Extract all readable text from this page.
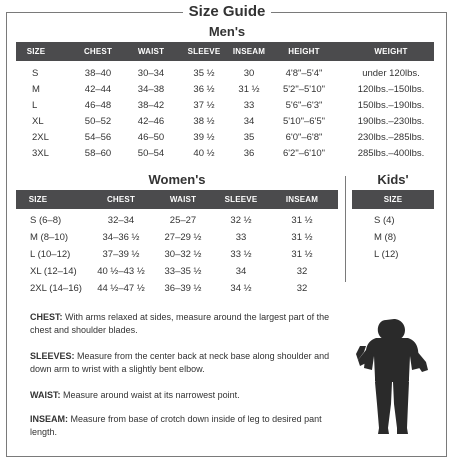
Size Guide
Men's
SIZE	CHEST	WAIST	SLEEVE	INSEAM	HEIGHT	WEIGHT
S	38–40	30–34	35 ½	30	4'8"–5'4"	under 120lbs.
M	42–44	34–38	36 ½	31 ½	5'2"–5'10"	120lbs.–150lbs.
L	46–48	38–42	37 ½	33	5'6"–6'3"	150lbs.–190lbs.
XL	50–52	42–46	38 ½	34	5'10"–6'5"	190lbs.–230lbs.
2XL	54–56	46–50	39 ½	35	6'0"–6'8"	230lbs.–285lbs.
3XL	58–60	50–54	40 ½	36	6'2"–6'10"	285lbs.–400lbs.
Women's
SIZE	CHEST	WAIST	SLEEVE	INSEAM
S (6–8)	32–34	25–27	32 ½	31 ½
M (8–10)	34–36 ½	27–29 ½	33	31 ½
L (10–12)	37–39 ½	30–32 ½	33 ½	31 ½
XL (12–14)	40 ½–43 ½	33–35 ½	34	32
2XL (14–16)	44 ½–47 ½	36–39 ½	34 ½	32
Kids'
SIZE
S (4)
M (8)
L (12)
CHEST: With arms relaxed at sides, measure around the largest part of the chest and shoulder blades.
SLEEVES: Measure from the center back at neck base along shoulder and down arm to wrist with a slightly bent elbow.
WAIST: Measure around waist at its narrowest point.
INSEAM: Measure from base of crotch down inside of leg to desired pant length.
